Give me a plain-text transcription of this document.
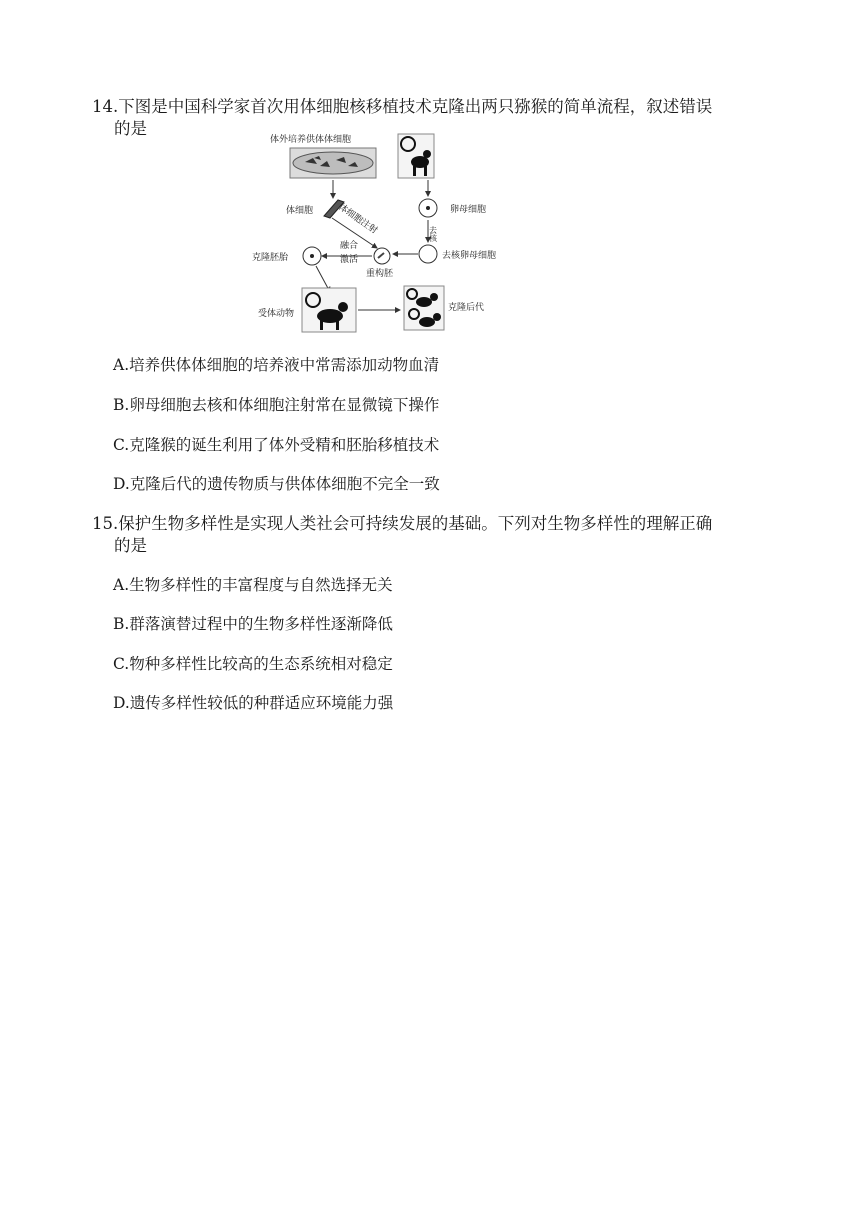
14.下图是中国科学家首次用体细胞核移植技术克隆出两只猕猴的简单流程，叙述错误
的是
体外培养供体体细胞
体细胞	体细胞注射	卵母细胞
去核
去核卵母细胞
重构胚
融合
激活
克隆胚胎
受体动物
克隆后代
A.培养供体体细胞的培养液中常需添加动物血清
B.卵母细胞去核和体细胞注射常在显微镜下操作
C.克隆猴的诞生利用了体外受精和胚胎移植技术
D.克隆后代的遗传物质与供体体细胞不完全一致
15.保护生物多样性是实现人类社会可持续发展的基础。下列对生物多样性的理解正确
的是
A.生物多样性的丰富程度与自然选择无关
B.群落演替过程中的生物多样性逐渐降低
C.物种多样性比较高的生态系统相对稳定
D.遗传多样性较低的种群适应环境能力强
